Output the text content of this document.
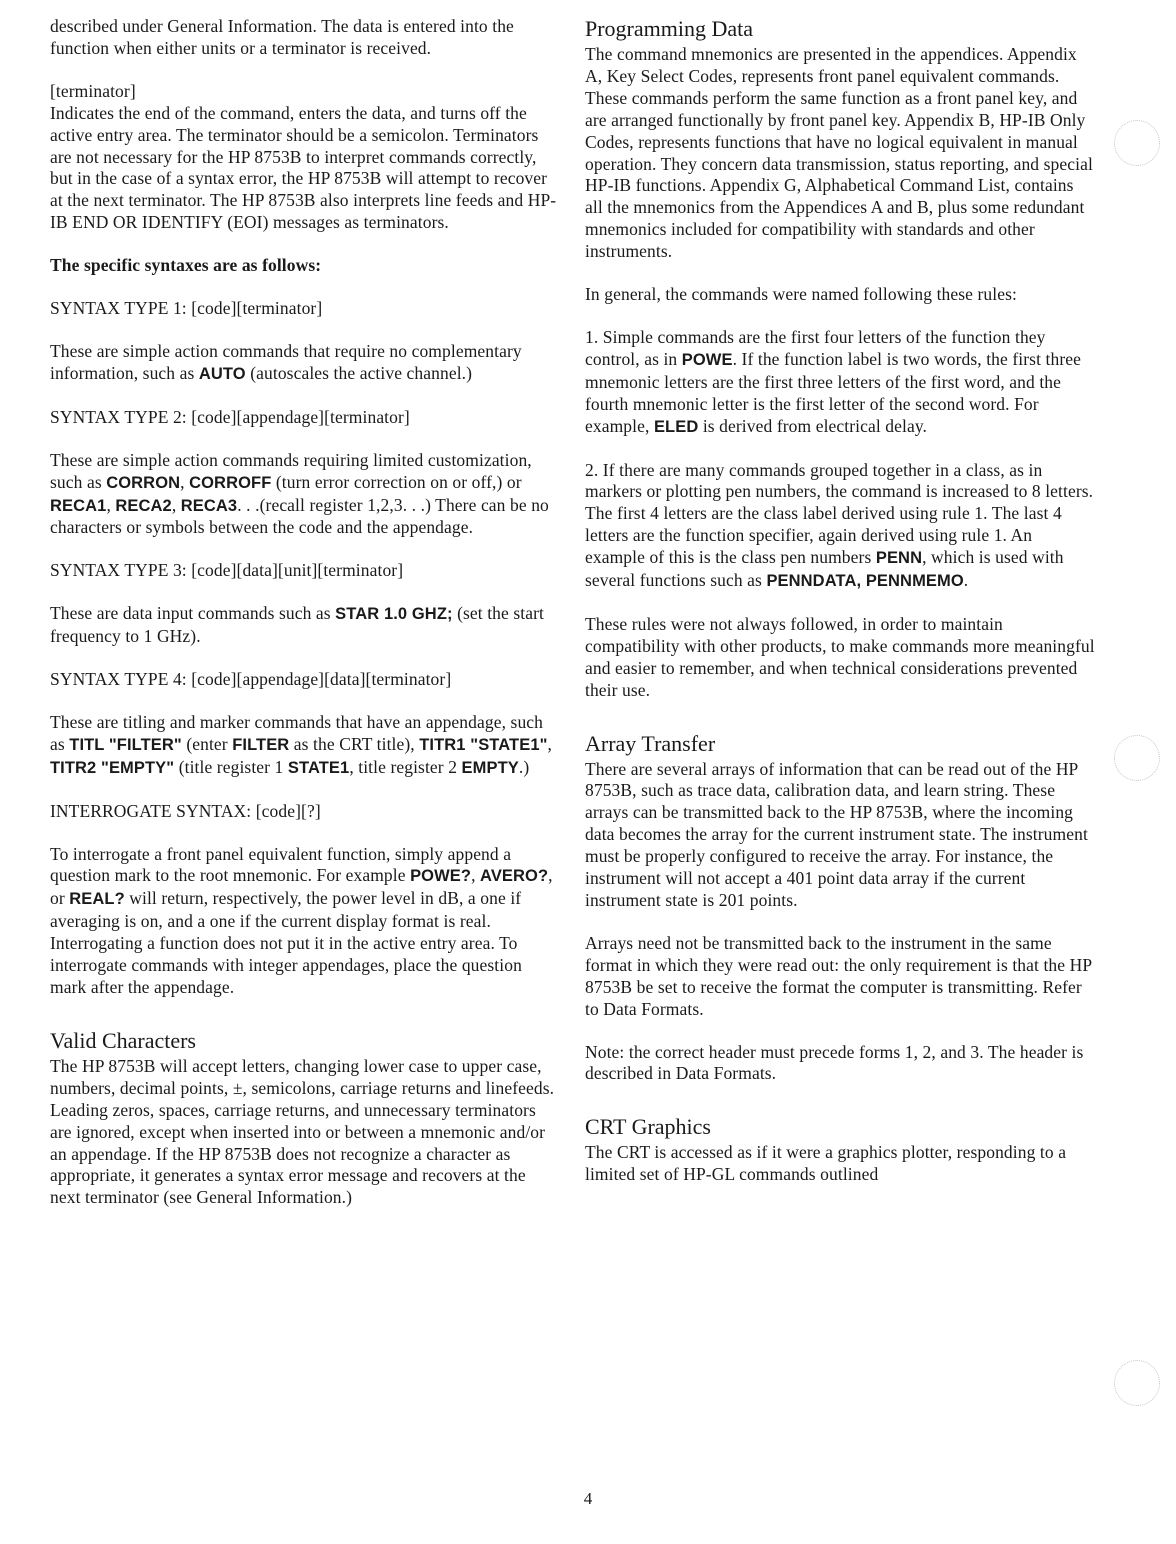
described under General Information. The data is entered into the function when either units or a terminator is received.

[terminator]
Indicates the end of the command, enters the data, and turns off the active entry area. The terminator should be a semicolon. Terminators are not necessary for the HP 8753B to interpret commands correctly, but in the case of a syntax error, the HP 8753B will attempt to recover at the next terminator. The HP 8753B also interprets line feeds and HP-IB END OR IDENTIFY (EOI) messages as terminators.

The specific syntaxes are as follows:

SYNTAX TYPE 1: [code][terminator]

These are simple action commands that require no complementary information, such as AUTO (autoscales the active channel.)

SYNTAX TYPE 2: [code][appendage][terminator]

These are simple action commands requiring limited customization, such as CORRON, CORROFF (turn error correction on or off,) or RECA1, RECA2, RECA3. . .(recall register 1,2,3. . .) There can be no characters or symbols between the code and the appendage.

SYNTAX TYPE 3: [code][data][unit][terminator]

These are data input commands such as STAR 1.0 GHZ; (set the start frequency to 1 GHz).

SYNTAX TYPE 4: [code][appendage][data][terminator]

These are titling and marker commands that have an appendage, such as TITL "FILTER" (enter FILTER as the CRT title), TITR1 "STATE1", TITR2 "EMPTY" (title register 1 STATE1, title register 2 EMPTY.)

INTERROGATE SYNTAX: [code][?]

To interrogate a front panel equivalent function, simply append a question mark to the root mnemonic. For example POWE?, AVERO?, or REAL? will return, respectively, the power level in dB, a one if averaging is on, and a one if the current display format is real. Interrogating a function does not put it in the active entry area. To interrogate commands with integer appendages, place the question mark after the appendage.

Valid Characters

The HP 8753B will accept letters, changing lower case to upper case, numbers, decimal points, ±, semicolons, carriage returns and linefeeds. Leading zeros, spaces, carriage returns, and unnecessary terminators are ignored, except when inserted into or between a mnemonic and/or an appendage. If the HP 8753B does not recognize a character as appropriate, it generates a syntax error message and recovers at the next terminator (see General Information.)

Programming Data

The command mnemonics are presented in the appendices. Appendix A, Key Select Codes, represents front panel equivalent commands. These commands perform the same function as a front panel key, and are arranged functionally by front panel key. Appendix B, HP-IB Only Codes, represents functions that have no logical equivalent in manual operation. They concern data transmission, status reporting, and special HP-IB functions. Appendix G, Alphabetical Command List, contains all the mnemonics from the Appendices A and B, plus some redundant mnemonics included for compatibility with standards and other instruments.

In general, the commands were named following these rules:

1. Simple commands are the first four letters of the function they control, as in POWE. If the function label is two words, the first three mnemonic letters are the first three letters of the first word, and the fourth mnemonic letter is the first letter of the second word. For example, ELED is derived from electrical delay.

2. If there are many commands grouped together in a class, as in markers or plotting pen numbers, the command is increased to 8 letters. The first 4 letters are the class label derived using rule 1. The last 4 letters are the function specifier, again derived using rule 1. An example of this is the class pen numbers PENN, which is used with several functions such as PENNDATA, PENNMEMO.

These rules were not always followed, in order to maintain compatibility with other products, to make commands more meaningful and easier to remember, and when technical considerations prevented their use.

Array Transfer

There are several arrays of information that can be read out of the HP 8753B, such as trace data, calibration data, and learn string. These arrays can be transmitted back to the HP 8753B, where the incoming data becomes the array for the current instrument state. The instrument must be properly configured to receive the array. For instance, the instrument will not accept a 401 point data array if the current instrument state is 201 points.

Arrays need not be transmitted back to the instrument in the same format in which they were read out: the only requirement is that the HP 8753B be set to receive the format the computer is transmitting. Refer to Data Formats.

Note: the correct header must precede forms 1, 2, and 3. The header is described in Data Formats.

CRT Graphics

The CRT is accessed as if it were a graphics plotter, responding to a limited set of HP-GL commands outlined

4
